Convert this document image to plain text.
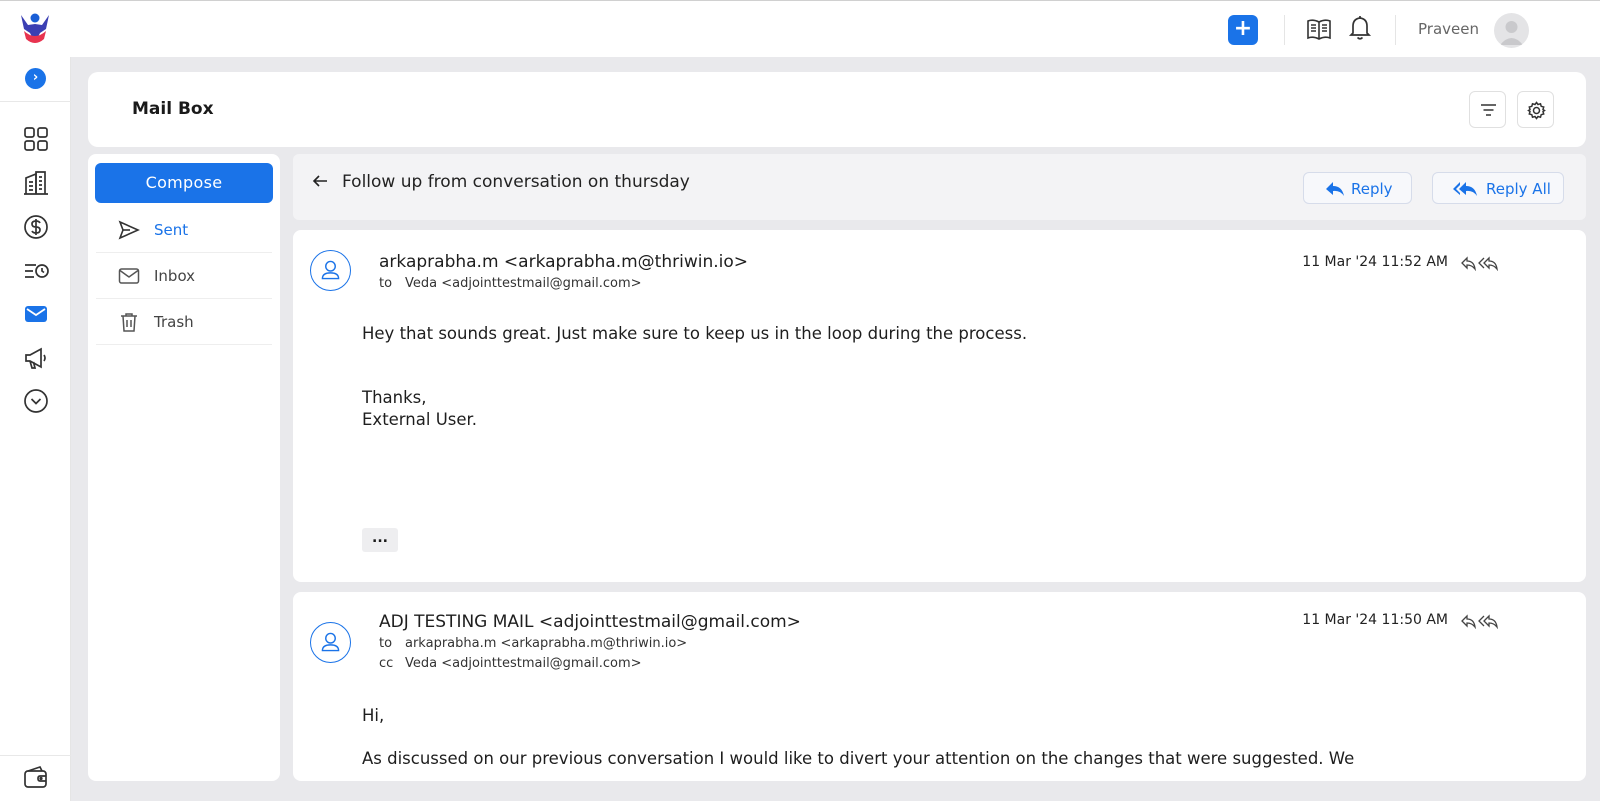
+	Praveen
›
Mail Box
Compose
Sent
Inbox
Trash
Follow up from conversation on thursday	Reply	Reply All
arkaprabha.m <arkaprabha.m@thriwin.io>
to Veda <adjointtestmail@gmail.com>
11 Mar '24 11:52 AM
Hey that sounds great. Just make sure to keep us in the loop during the process.
Thanks,
External User.
...
ADJ TESTING MAIL <adjointtestmail@gmail.com>
to arkaprabha.m <arkaprabha.m@thriwin.io>
cc Veda <adjointtestmail@gmail.com>
11 Mar '24 11:50 AM
Hi,
As discussed on our previous conversation I would like to divert your attention on the changes that were suggested. We
